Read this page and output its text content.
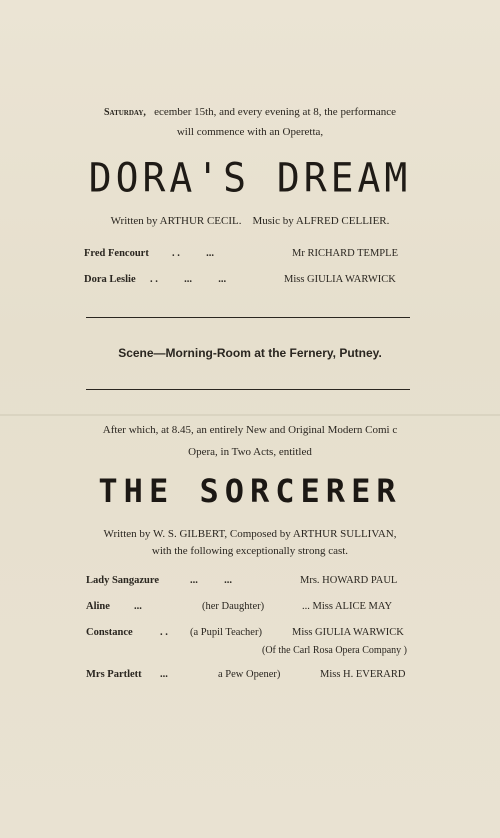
Saturday, ecember 15th, and every evening at 8, the performance
will commence with an Operetta,
DORA'S DREAM
Written by ARTHUR CECIL. Music by ALFRED CELLIER.
Fred Fencourt . .          ...	Mr RICHARD TEMPLE
Dora Leslie . .          ...          ...	Miss GIULIA WARWICK
Scene—Morning-Room at the Fernery, Putney.
After which, at 8.45, an entirely New and Original Modern Comi c
Opera, in Two Acts, entitled
THE SORCERER
Written by W. S. GILBERT, Composed by ARTHUR SULLIVAN,
with the following exceptionally strong cast.
Lady Sangazure	...          ...	Mrs. HOWARD PAUL
Aline ...	(her Daughter)	... Miss ALICE MAY
Constance	. . (a Pupil Teacher)	Miss GIULIA WARWICK
(Of the Carl Rosa Opera Company )
Mrs Partlett ...	a Pew Opener)	Miss H. EVERARD
